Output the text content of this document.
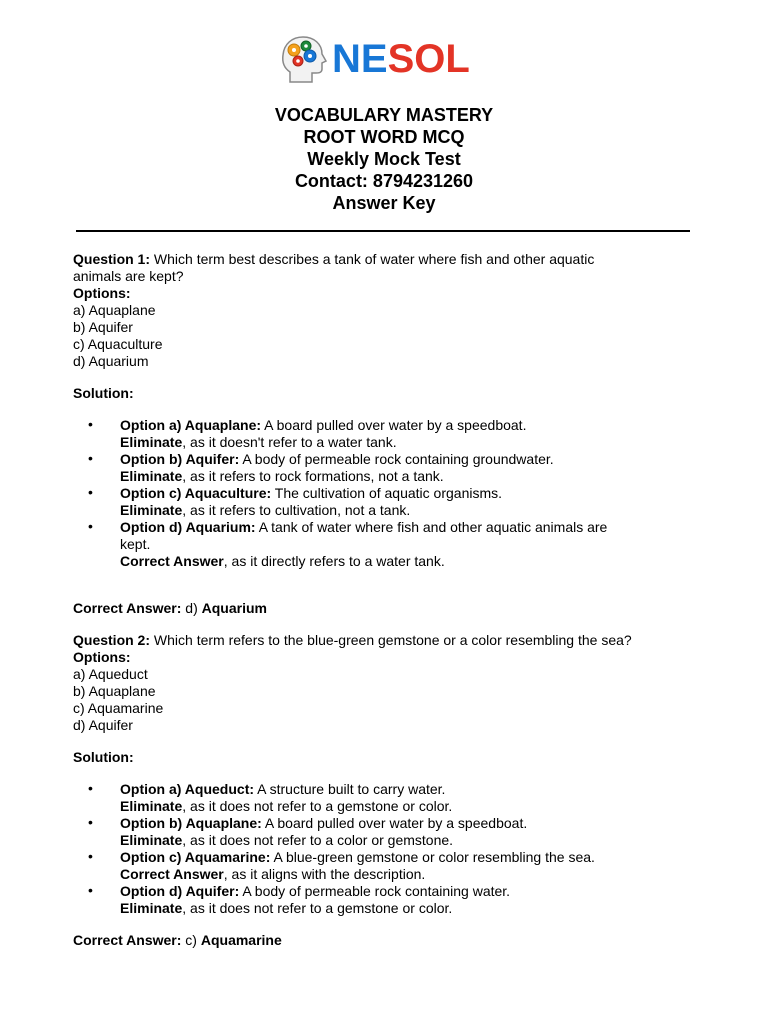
NESOL
VOCABULARY MASTERY
ROOT WORD MCQ
Weekly Mock Test
Contact: 8794231260
Answer Key
Question 1: Which term best describes a tank of water where fish and other aquatic
animals are kept?
Options:
a) Aquaplane
b) Aquifer
c) Aquaculture
d) Aquarium
Solution:
• Option a) Aquaplane: A board pulled over water by a speedboat.
Eliminate, as it doesn't refer to a water tank.
• Option b) Aquifer: A body of permeable rock containing groundwater.
Eliminate, as it refers to rock formations, not a tank.
• Option c) Aquaculture: The cultivation of aquatic organisms.
Eliminate, as it refers to cultivation, not a tank.
• Option d) Aquarium: A tank of water where fish and other aquatic animals are
kept.
Correct Answer, as it directly refers to a water tank.
Correct Answer: d) Aquarium
Question 2: Which term refers to the blue-green gemstone or a color resembling the sea?
Options:
a) Aqueduct
b) Aquaplane
c) Aquamarine
d) Aquifer
Solution:
• Option a) Aqueduct: A structure built to carry water.
Eliminate, as it does not refer to a gemstone or color.
• Option b) Aquaplane: A board pulled over water by a speedboat.
Eliminate, as it does not refer to a color or gemstone.
• Option c) Aquamarine: A blue-green gemstone or color resembling the sea.
Correct Answer, as it aligns with the description.
• Option d) Aquifer: A body of permeable rock containing water.
Eliminate, as it does not refer to a gemstone or color.
Correct Answer: c) Aquamarine
